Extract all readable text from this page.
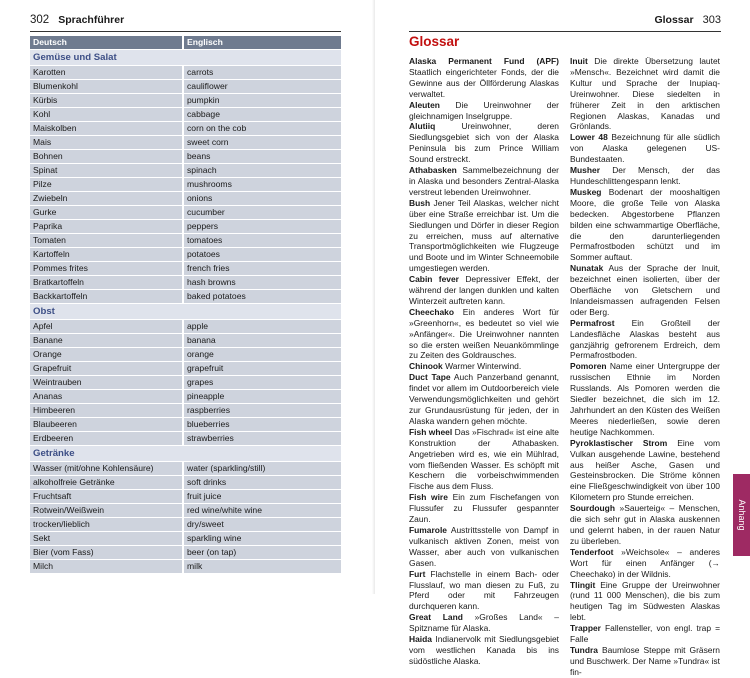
302 Sprachführer
Deutsch	Englisch
Gemüse und Salat
Karotten	carrots
Blumenkohl	cauliflower
Kürbis	pumpkin
Kohl	cabbage
Maiskolben	corn on the cob
Mais	sweet corn
Bohnen	beans
Spinat	spinach
Pilze	mushrooms
Zwiebeln	onions
Gurke	cucumber
Paprika	peppers
Tomaten	tomatoes
Kartoffeln	potatoes
Pommes frites	french fries
Bratkartoffeln	hash browns
Backkartoffeln	baked potatoes
Obst
Apfel	apple
Banane	banana
Orange	orange
Grapefruit	grapefruit
Weintrauben	grapes
Ananas	pineapple
Himbeeren	raspberries
Blaubeeren	blueberries
Erdbeeren	strawberries
Getränke
Wasser (mit/ohne Kohlensäure)	water (sparkling/still)
alkoholfreie Getränke	soft drinks
Fruchtsaft	fruit juice
Rotwein/Weißwein	red wine/white wine
trocken/lieblich	dry/sweet
Sekt	sparkling wine
Bier (vom Fass)	beer (on tap)
Milch	milk
Glossar 303
Glossar

Alaska Permanent Fund (APF) Staatlich eingerichteter Fonds, der die Gewinne aus der Öllförderung Alaskas verwaltet.

Aleuten Die Ureinwohner der gleichnamigen Inselgruppe.

Alutiiq Ureinwohner, deren Siedlungsgebiet sich von der Alaska Peninsula bis zum Prince William Sound erstreckt.

Athabasken Sammelbezeichnung der in Alaska und besonders Zentral-Alaska verstreut lebenden Ureinwohner.

Bush Jener Teil Alaskas, welcher nicht über eine Straße erreichbar ist. Um die Siedlungen und Dörfer in dieser Region zu erreichen, muss auf alternative Transportmöglichkeiten wie Flugzeuge und Boote und im Winter Schneemobile umgestiegen werden.

Cabin fever Depressiver Effekt, der während der langen dunklen und kalten Winterzeit auftreten kann.

Cheechako Ein anderes Wort für »Greenhorn«, es bedeutet so viel wie »Anfänger«. Die Ureinwohner nannten so die ersten weißen Neuankömmlinge zu Zeiten des Goldrausches.

Chinook Warmer Winterwind.

Duct Tape Auch Panzerband genannt, findet vor allem im Outdoorbereich viele Verwendungsmöglichkeiten und gehört zur Grundausrüstung für jeden, der in Alaska wandern gehen möchte.

Fish wheel Das »Fischrad« ist eine alte Konstruktion der Athabasken. Angetrieben wird es, wie ein Mühlrad, vom fließenden Wasser. Es schöpft mit Keschern die vorbeischwimmenden Fische aus dem Fluss.

Fish wire Ein zum Fischefangen von Flussufer zu Flussufer gespannter Zaun.

Fumarole Austrittsstelle von Dampf in vulkanisch aktiven Zonen, meist von Wasser, aber auch von vulkanischen Gasen.

Furt Flachstelle in einem Bach- oder Flusslauf, wo man diesen zu Fuß, zu Pferd oder mit Fahrzeugen durchqueren kann.

Great Land »Großes Land« – Spitzname für Alaska.

Haida Indianervolk mit Siedlungsgebiet vom westlichen Kanada bis ins südöstliche Alaska.

Inuit Die direkte Übersetzung lautet »Mensch«. Bezeichnet wird damit die Kultur und Sprache der Inupiaq-Ureinwohner. Diese siedelten in früherer Zeit in den arktischen Regionen Alaskas, Kanadas und Grönlands.

Lower 48 Bezeichnung für alle südlich von Alaska gelegenen US-Bundestaaten.

Musher Der Mensch, der das Hundeschlittengespann lenkt.

Muskeg Bodenart der mooshaltigen Moore, die große Teile von Alaska bedecken. Abgestorbene Pflanzen bilden eine schwammartige Oberfläche, die den darunterliegenden Permafrostboden schützt und im Sommer auftaut.

Nunatak Aus der Sprache der Inuit, bezeichnet einen isolierten, über der Oberfläche von Gletschern und Inlandeismassen aufragenden Felsen oder Berg.

Permafrost Ein Großteil der Landesfläche Alaskas besteht aus ganzjährig gefrorenem Erdreich, dem Permafrostboden.

Pomoren Name einer Untergruppe der russischen Ethnie im Norden Russlands. Als Pomoren werden die Siedler bezeichnet, die sich im 12. Jahrhundert an den Küsten des Weißen Meeres niederließen, sowie deren heutige Nachkommen.

Pyroklastischer Strom Eine vom Vulkan ausgehende Lawine, bestehend aus heißer Asche, Gasen und Gesteinsbrocken. Die Ströme können eine Fließgeschwindigkeit von über 100 Kilometern pro Stunde erreichen.

Sourdough »Sauerteig« – Menschen, die sich sehr gut in Alaska auskennen und gelernt haben, in der rauen Natur zu überleben.

Tenderfoot »Weichsole« – anderes Wort für einen Anfänger (→ Cheechako) in der Wildnis.

Tlingit Eine Gruppe der Ureinwohner (rund 11 000 Menschen), die bis zum heutigen Tag im Südwesten Alaskas lebt.

Trapper Fallensteller, von engl. trap = Falle

Tundra Baumlose Steppe mit Gräsern und Buschwerk. Der Name »Tundra« ist fin-

Anhang
